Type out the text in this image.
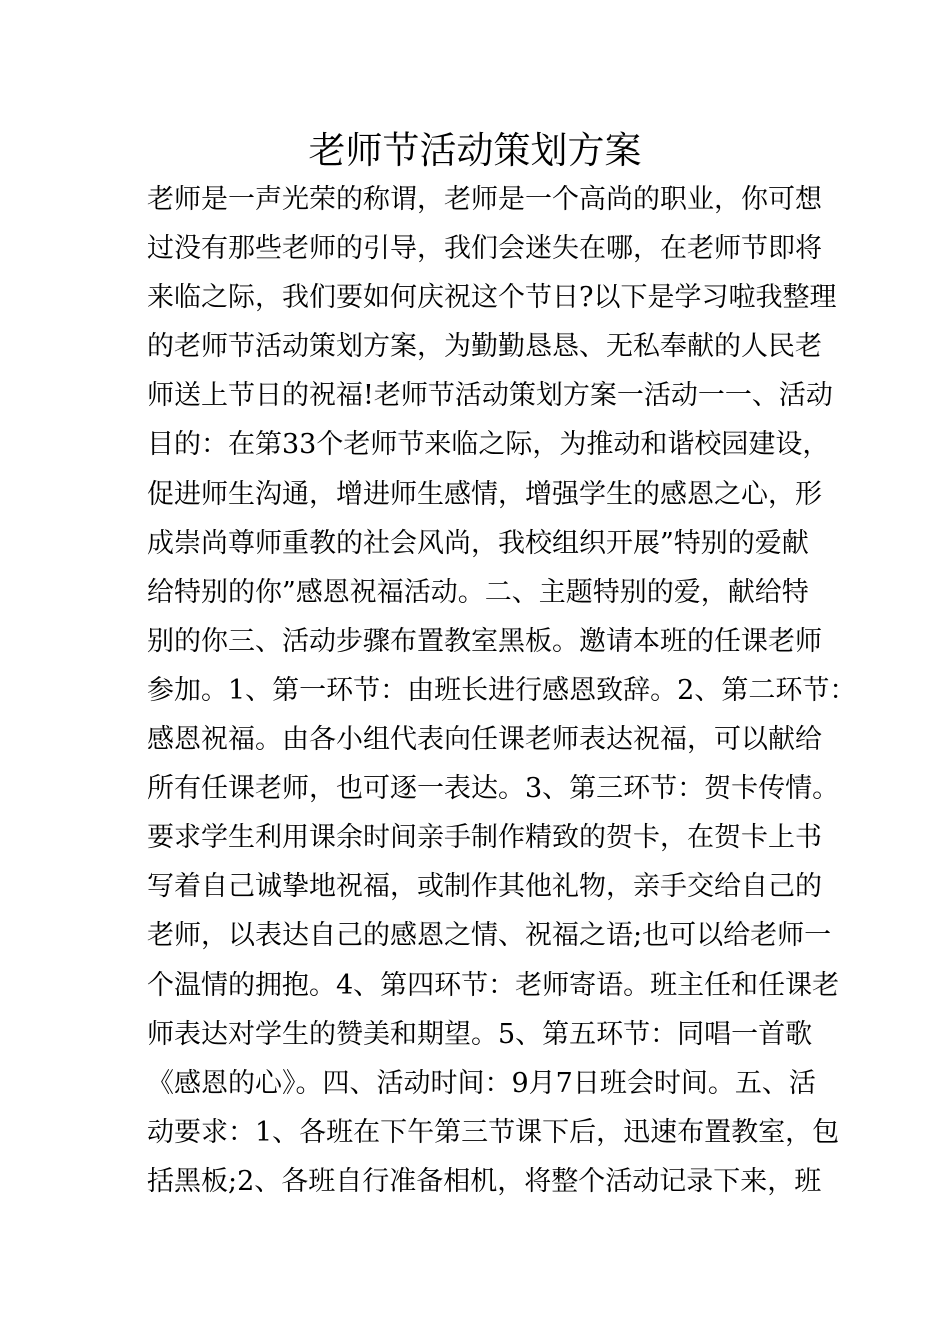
老师节活动策划方案
老师是一声光荣的称谓，老师是一个高尚的职业，你可想
过没有那些老师的引导，我们会迷失在哪，在老师节即将
来临之际，我们要如何庆祝这个节日?以下是学习啦我整理
的老师节活动策划方案，为勤勤恳恳、无私奉献的人民老
师送上节日的祝福!老师节活动策划方案一活动一一、活动
目的：在第33个老师节来临之际，为推动和谐校园建设，
促进师生沟通，增进师生感情，增强学生的感恩之心，形
成崇尚尊师重教的社会风尚，我校组织开展”特别的爱献
给特别的你”感恩祝福活动。二、主题特别的爱，献给特
别的你三、活动步骤布置教室黑板。邀请本班的任课老师
参加。1、第一环节：由班长进行感恩致辞。2、第二环节：
感恩祝福。由各小组代表向任课老师表达祝福，可以献给
所有任课老师，也可逐一表达。3、第三环节：贺卡传情。
要求学生利用课余时间亲手制作精致的贺卡，在贺卡上书
写着自己诚挚地祝福，或制作其他礼物，亲手交给自己的
老师，以表达自己的感恩之情、祝福之语;也可以给老师一
个温情的拥抱。4、第四环节：老师寄语。班主任和任课老
师表达对学生的赞美和期望。5、第五环节：同唱一首歌
《感恩的心》。四、活动时间：9月7日班会时间。五、活
动要求：1、各班在下午第三节课下后，迅速布置教室，包
括黑板;2、各班自行准备相机，将整个活动记录下来，班
